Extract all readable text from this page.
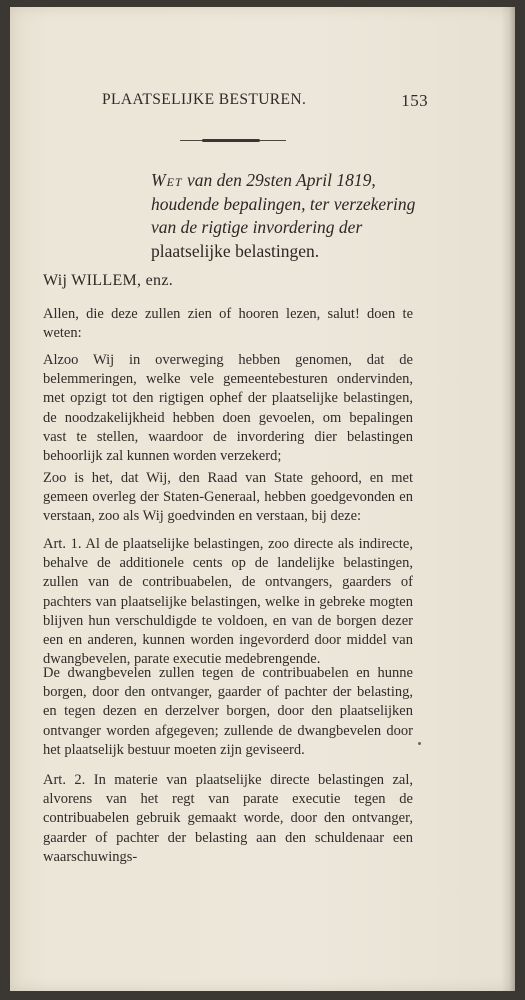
PLAATSELIJKE BESTUREN.	153
Wet van den 29sten April 1819, houdende bepalingen, ter verzekering van de rigtige invordering der plaatselijke belastingen.
Wij WILLEM, enz.
Allen, die deze zullen zien of hooren lezen, salut! doen te weten:
Alzoo Wij in overweging hebben genomen, dat de belemmeringen, welke vele gemeentebesturen ondervinden, met opzigt tot den rigtigen ophef der plaatselijke belastingen, de noodzakelijkheid hebben doen gevoelen, om bepalingen vast te stellen, waardoor de invordering dier belastingen behoorlijk zal kunnen worden verzekerd;
Zoo is het, dat Wij, den Raad van State gehoord, en met gemeen overleg der Staten-Generaal, hebben goedgevonden en verstaan, zoo als Wij goedvinden en verstaan, bij deze:
Art. 1. Al de plaatselijke belastingen, zoo directe als indirecte, behalve de additionele cents op de landelijke belastingen, zullen van de contribuabelen, de ontvangers, gaarders of pachters van plaatselijke belastingen, welke in gebreke mogten blijven hun verschuldigde te voldoen, en van de borgen dezer een en anderen, kunnen worden ingevorderd door middel van dwangbevelen, parate executie medebrengende.
De dwangbevelen zullen tegen de contribuabelen en hunne borgen, door den ontvanger, gaarder of pachter der belasting, en tegen dezen en derzelver borgen, door den plaatselijken ontvanger worden afgegeven; zullende de dwangbevelen door het plaatselijk bestuur moeten zijn geviseerd.
Art. 2. In materie van plaatselijke directe belastingen zal, alvorens van het regt van parate executie tegen de contribuabelen gebruik gemaakt worde, door den ontvanger, gaarder of pachter der belasting aan den schuldenaar een waarschuwings-
